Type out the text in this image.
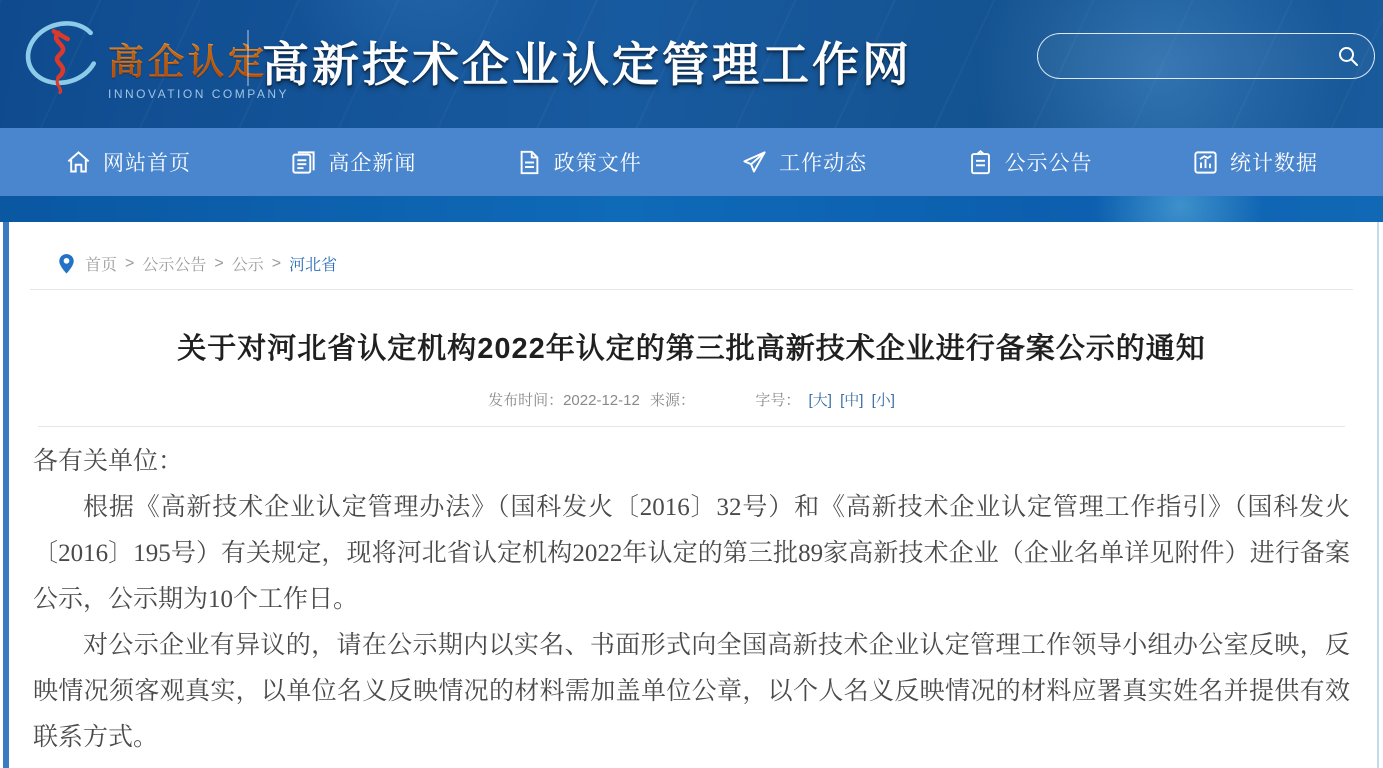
高企认定
INNOVATION COMPANY
高新技术企业认定管理工作网
网站首页	高企新闻	政策文件	工作动态	公示公告	统计数据
首页 > 公示公告 > 公示 > 河北省
关于对河北省认定机构2022年认定的第三批高新技术企业进行备案公示的通知
发布时间：2022-12-12 来源：	字号： [大] [中] [小]

各有关单位：

根据《高新技术企业认定管理办法》（国科发火〔2016〕32号）和《高新技术企业认定管理工作指引》（国科发火〔2016〕195号）有关规定，现将河北省认定机构2022年认定的第三批89家高新技术企业（企业名单详见附件）进行备案公示，公示期为10个工作日。

对公示企业有异议的，请在公示期内以实名、书面形式向全国高新技术企业认定管理工作领导小组办公室反映，反映情况须客观真实，以单位名义反映情况的材料需加盖单位公章，以个人名义反映情况的材料应署真实姓名并提供有效联系方式。
